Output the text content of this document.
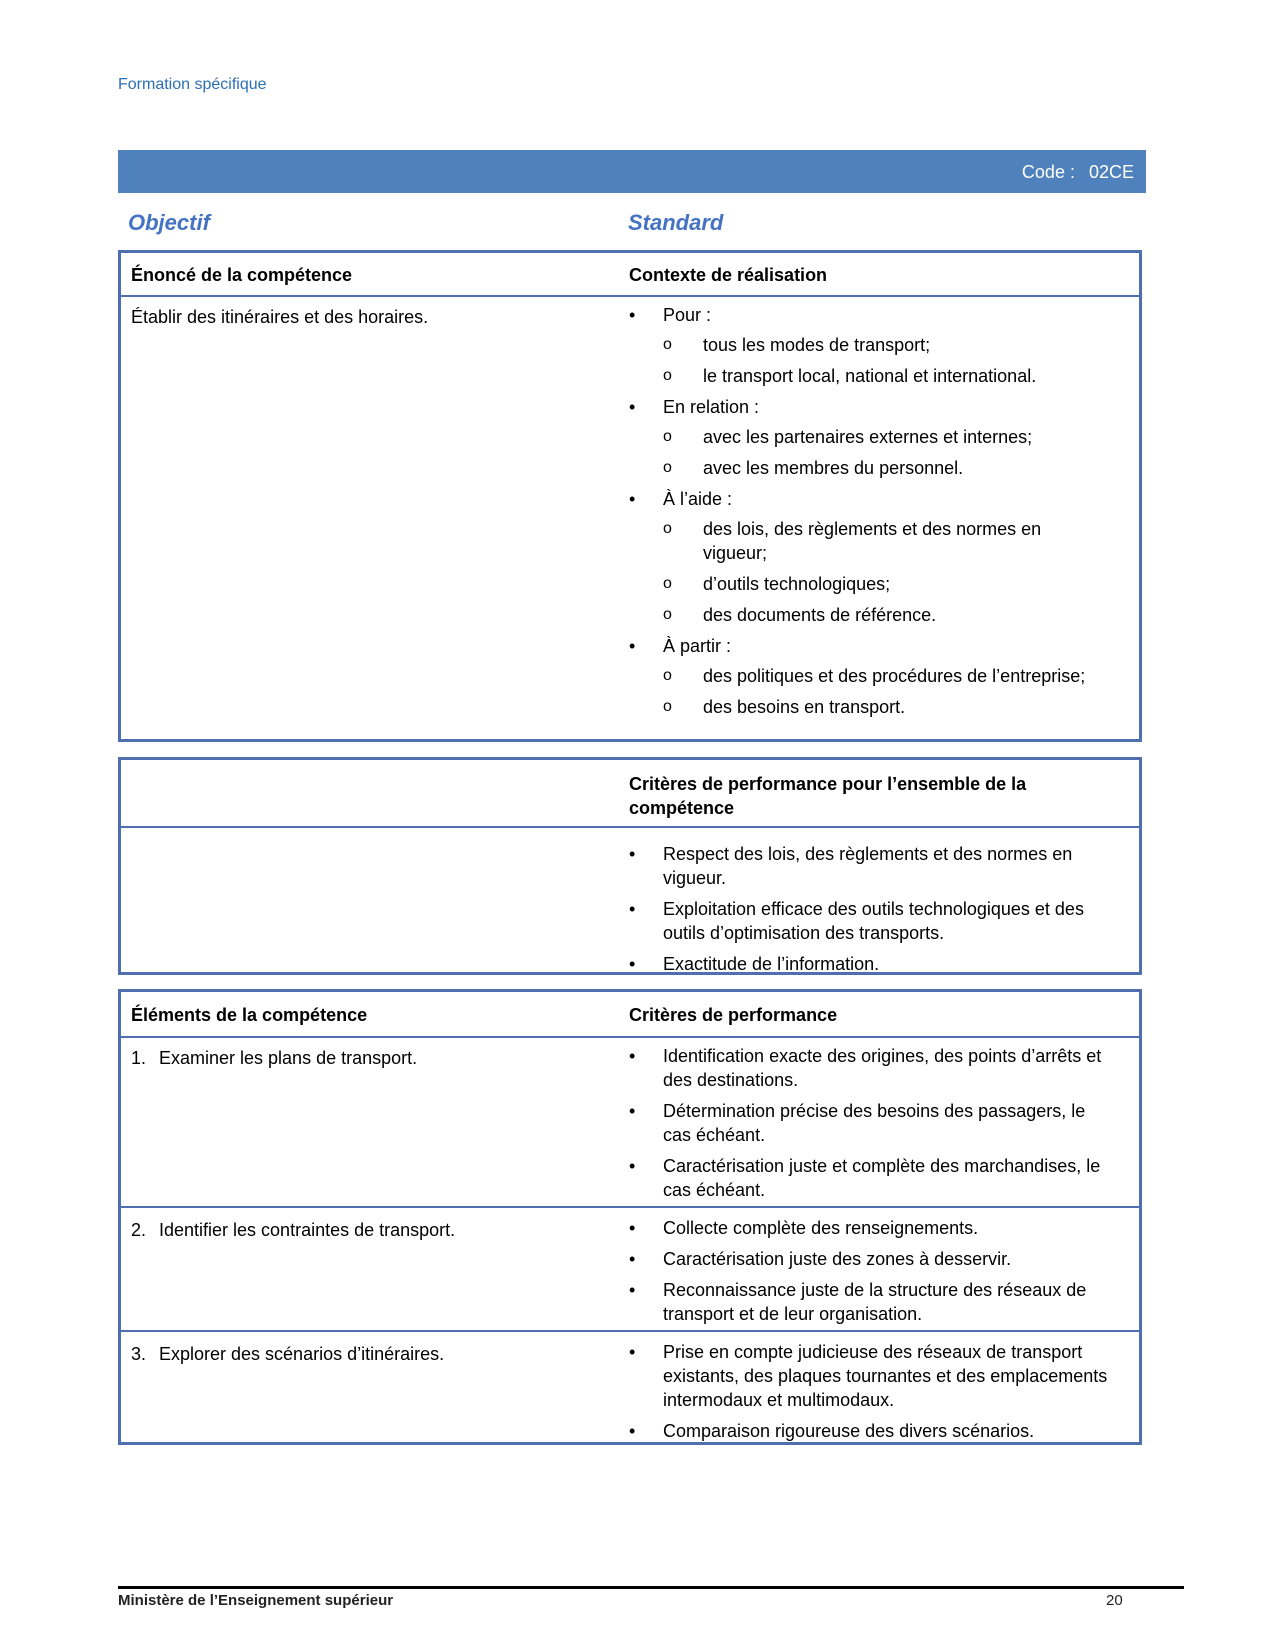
Formation spécifique
Code : 02CE
Objectif	Standard
Énoncé de la compétence	Contexte de réalisation
Établir des itinéraires et des horaires.	• Pour :
o tous les modes de transport;
o le transport local, national et international.
• En relation :
o avec les partenaires externes et internes;
o avec les membres du personnel.
• À l’aide :
o des lois, des règlements et des normes en vigueur;
o d’outils technologiques;
o des documents de référence.
• À partir :
o des politiques et des procédures de l’entreprise;
o des besoins en transport.
Critères de performance pour l’ensemble de la compétence
• Respect des lois, des règlements et des normes en vigueur.
• Exploitation efficace des outils technologiques et des outils d’optimisation des transports.
• Exactitude de l’information.
Éléments de la compétence	Critères de performance
1. Examiner les plans de transport.	• Identification exacte des origines, des points d’arrêts et des destinations.
• Détermination précise des besoins des passagers, le cas échéant.
• Caractérisation juste et complète des marchandises, le cas échéant.
2. Identifier les contraintes de transport.	• Collecte complète des renseignements.
• Caractérisation juste des zones à desservir.
• Reconnaissance juste de la structure des réseaux de transport et de leur organisation.
3. Explorer des scénarios d’itinéraires.	• Prise en compte judicieuse des réseaux de transport existants, des plaques tournantes et des emplacements intermodaux et multimodaux.
• Comparaison rigoureuse des divers scénarios.
Ministère de l’Enseignement supérieur	20
